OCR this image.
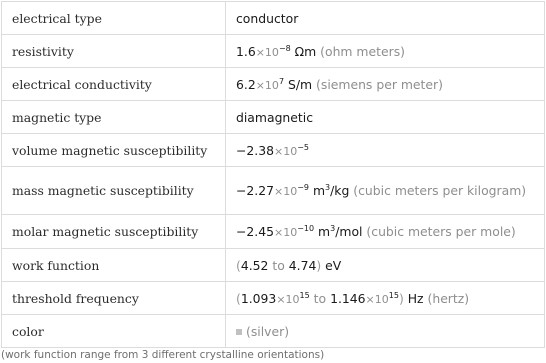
electrical type	conductor
resistivity	$1.6\times 10^{-8}$ Ωm (ohm meters)
electrical conductivity	$6.2\times 10^7$ S/m (siemens per meter)
magnetic type	diamagnetic
volume magnetic susceptibility	$-2.38\times 10^{-5}$
mass magnetic susceptibility	$-2.27\times 10^{-9}$ $m^3/kg$ (cubic meters per kilogram)
molar magnetic susceptibility	$-2.45\times 10^{-10}$ $m^3$/mol (cubic meters per mole)
work function	(4.52 to 4.74) eV
threshold frequency	($1.093\times 10^{15}$ to $1.146\times 10^{15}$) Hz (hertz)
color	(silver)
(work function range from 3 different crystalline orientations)
